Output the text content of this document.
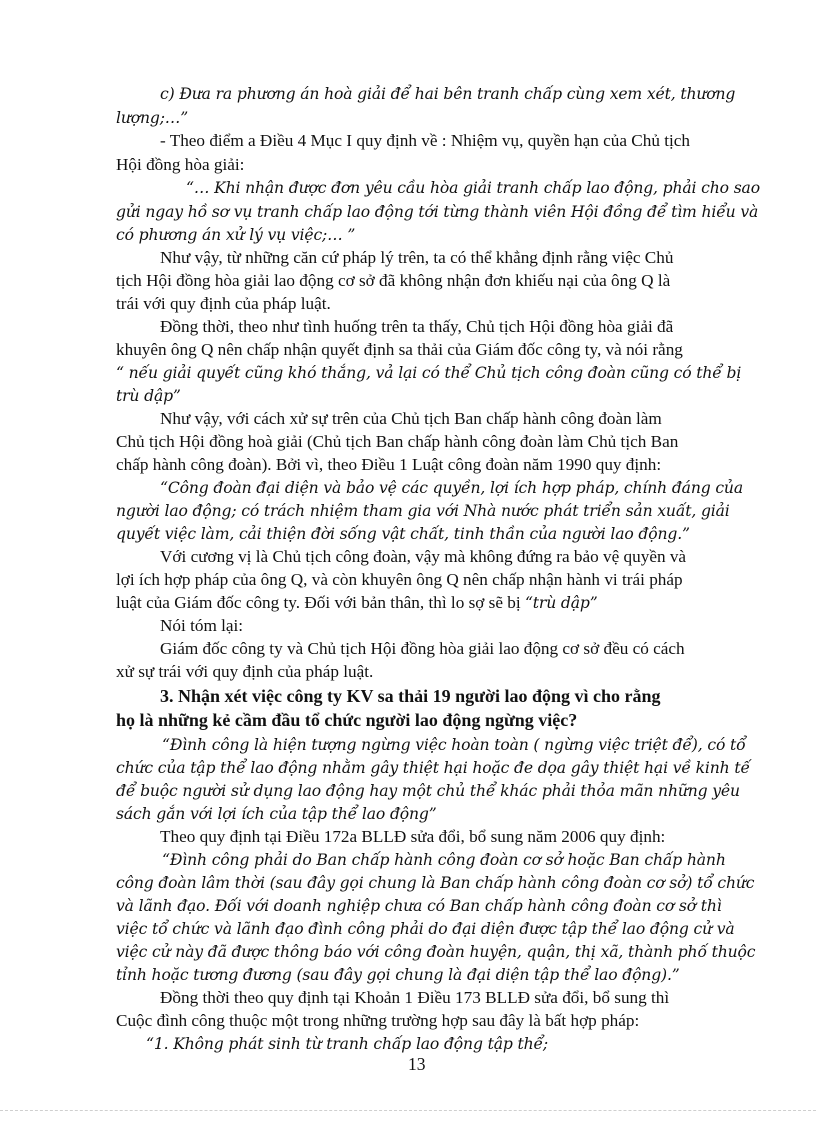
c) Đưa ra phương án hoà giải để hai bên tranh chấp cùng xem xét, thương
lượng;…”
- Theo điểm a Điều 4 Mục I quy định về : Nhiệm vụ, quyền hạn của Chủ tịch
Hội đồng hòa giải:
“… Khi nhận được đơn yêu cầu hòa giải tranh chấp lao động, phải cho sao
gửi ngay hồ sơ vụ tranh chấp lao động tới từng thành viên Hội đồng để tìm hiểu và
có phương án xử lý vụ việc;… ”
Như vậy, từ những căn cứ pháp lý trên, ta có thể khẳng định rằng việc Chủ
tịch Hội đồng hòa giải lao động cơ sở đã không nhận đơn khiếu nại của ông Q là
trái với quy định của pháp luật.
Đồng thời, theo như tình huống trên ta thấy, Chủ tịch Hội đồng hòa giải đã
khuyên ông Q nên chấp nhận quyết định sa thải của Giám đốc công ty, và nói rằng
“ nếu giải quyết cũng khó thắng, vả lại có thể Chủ tịch công đoàn cũng có thể bị
trù dập”
Như vậy, với cách xử sự trên của Chủ tịch Ban chấp hành công đoàn làm
Chủ tịch Hội đồng hoà giải (Chủ tịch Ban chấp hành công đoàn làm Chủ tịch Ban
chấp hành công đoàn). Bởi vì, theo Điều 1 Luật công đoàn năm 1990 quy định:
“Công đoàn đại diện và bảo vệ các quyền, lợi ích hợp pháp, chính đáng của
người lao động; có trách nhiệm tham gia với Nhà nước phát triển sản xuất, giải
quyết việc làm, cải thiện đời sống vật chất, tinh thần của người lao động.”
Với cương vị là Chủ tịch công đoàn, vậy mà không đứng ra bảo vệ quyền và
lợi ích hợp pháp của ông Q, và còn khuyên ông Q nên chấp nhận hành vi trái pháp
luật của Giám đốc công ty. Đối với bản thân, thì lo sợ sẽ bị “trù dập”
Nói tóm lại:
Giám đốc công ty và Chủ tịch Hội đồng hòa giải lao động cơ sở đều có cách
xử sự trái với quy định của pháp luật.
3. Nhận xét việc công ty KV sa thải 19 người lao động vì cho rằng
họ là những kẻ cầm đầu tổ chức người lao động ngừng việc?
“Đình công là hiện tượng ngừng việc hoàn toàn ( ngừng việc triệt để), có tổ
chức của tập thể lao động nhằm gây thiệt hại hoặc đe dọa gây thiệt hại về kinh tế
để buộc người sử dụng lao động hay một chủ thể khác phải thỏa mãn những yêu
sách gắn với lợi ích của tập thể lao động”
Theo quy định tại Điều 172a BLLĐ sửa đổi, bổ sung năm 2006 quy định:
“Đình công phải do Ban chấp hành công đoàn cơ sở hoặc Ban chấp hành
công đoàn lâm thời (sau đây gọi chung là Ban chấp hành công đoàn cơ sở) tổ chức
và lãnh đạo. Đối với doanh nghiệp chưa có Ban chấp hành công đoàn cơ sở thì
việc tổ chức và lãnh đạo đình công phải do đại diện được tập thể lao động cử và
việc cử này đã được thông báo với công đoàn huyện, quận, thị xã, thành phố thuộc
tỉnh hoặc tương đương (sau đây gọi chung là đại diện tập thể lao động).”
Đồng thời theo quy định tại Khoản 1 Điều 173 BLLĐ sửa đổi, bổ sung thì
Cuộc đình công thuộc một trong những trường hợp sau đây là bất hợp pháp:
“1. Không phát sinh từ tranh chấp lao động tập thể;
13
